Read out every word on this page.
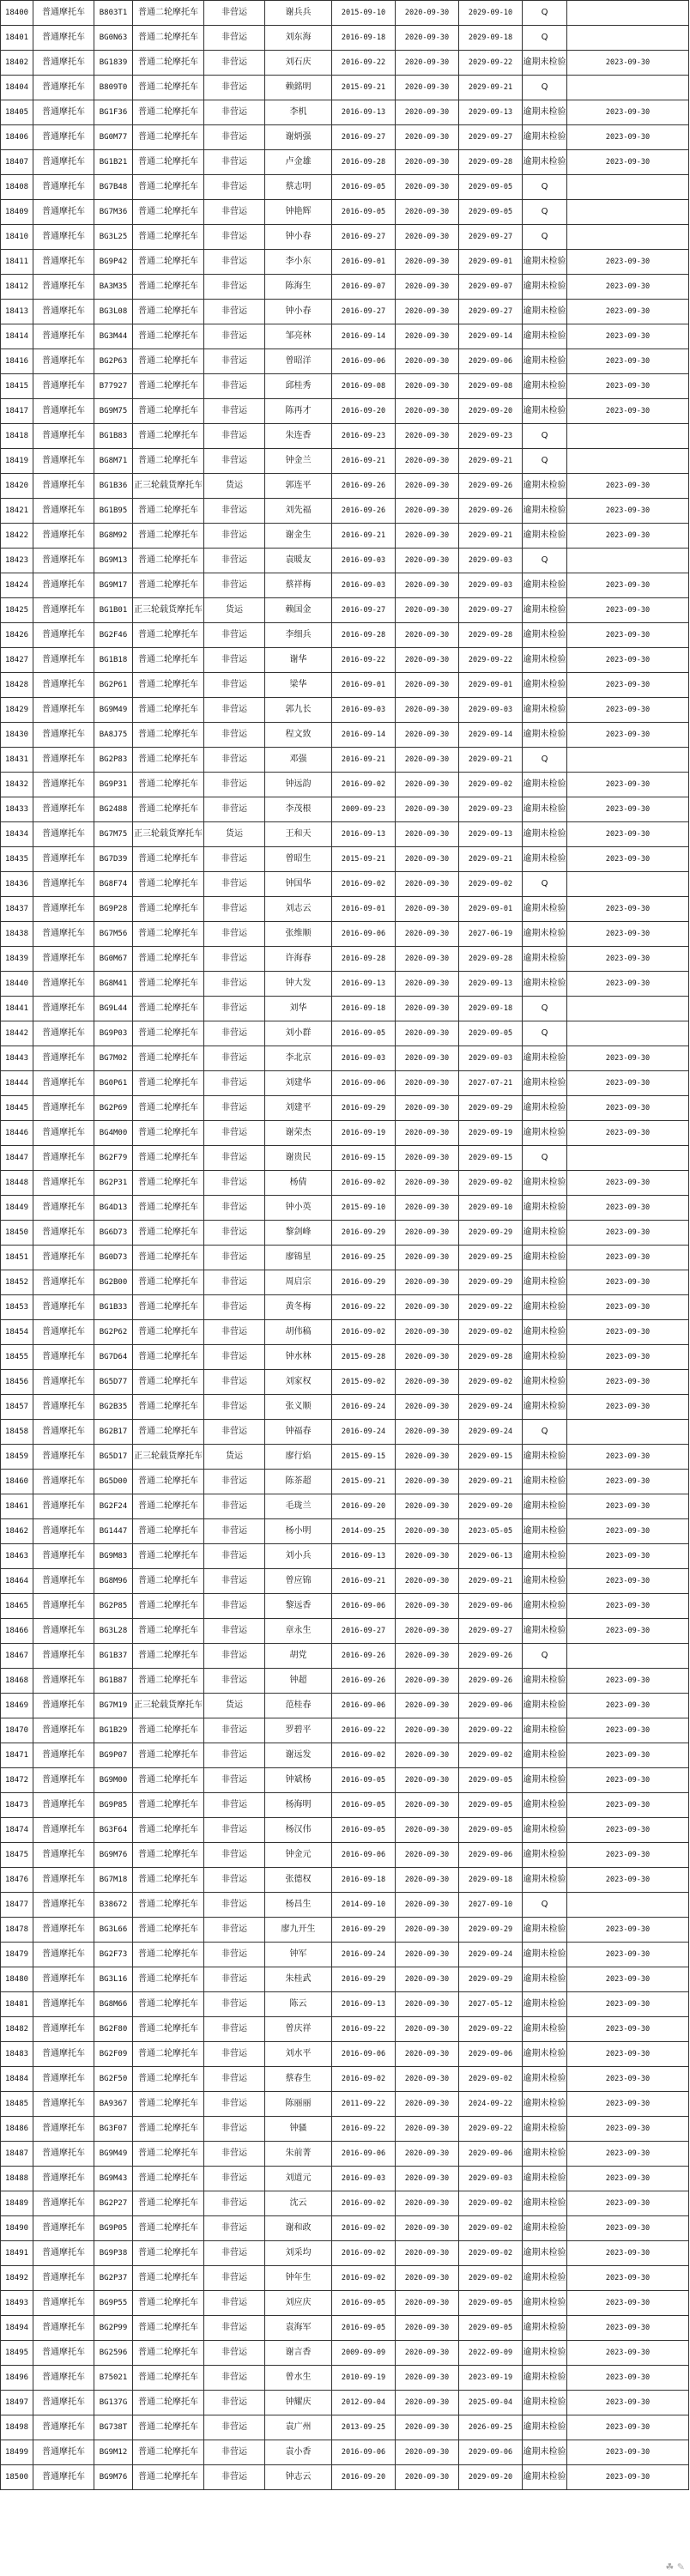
18400	普通摩托车	B803T1	普通二轮摩托车	非营运	谢兵兵	2015-09-10	2020-09-30	2029-09-10	Q	
18401	普通摩托车	BG0N63	普通二轮摩托车	非营运	刘东海	2016-09-18	2020-09-30	2029-09-18	Q	
18402	普通摩托车	BG1839	普通二轮摩托车	非营运	刘石庆	2016-09-22	2020-09-30	2029-09-22	逾期未检验	2023-09-30
18404	普通摩托车	B809T0	普通二轮摩托车	非营运	赖銘明	2015-09-21	2020-09-30	2029-09-21	Q	
18405	普通摩托车	BG1F36	普通二轮摩托车	非营运	李机	2016-09-13	2020-09-30	2029-09-13	逾期未检验	2023-09-30
18406	普通摩托车	BG0M77	普通二轮摩托车	非营运	谢炳强	2016-09-27	2020-09-30	2029-09-27	逾期未检验	2023-09-30
18407	普通摩托车	BG1B21	普通二轮摩托车	非营运	卢金雄	2016-09-28	2020-09-30	2029-09-28	逾期未检验	2023-09-30
18408	普通摩托车	BG7B48	普通二轮摩托车	非营运	蔡志明	2016-09-05	2020-09-30	2029-09-05	Q	
18409	普通摩托车	BG7M36	普通二轮摩托车	非营运	钟艳辉	2016-09-05	2020-09-30	2029-09-05	Q	
18410	普通摩托车	BG3L25	普通二轮摩托车	非营运	钟小春	2016-09-27	2020-09-30	2029-09-27	Q	
18411	普通摩托车	BG9P42	普通二轮摩托车	非营运	李小东	2016-09-01	2020-09-30	2029-09-01	逾期未检验	2023-09-30
18412	普通摩托车	BA3M35	普通二轮摩托车	非营运	陈海生	2016-09-07	2020-09-30	2029-09-07	逾期未检验	2023-09-30
18413	普通摩托车	BG3L08	普通二轮摩托车	非营运	钟小春	2016-09-27	2020-09-30	2029-09-27	逾期未检验	2023-09-30
18414	普通摩托车	BG3M44	普通二轮摩托车	非营运	邹亮林	2016-09-14	2020-09-30	2029-09-14	逾期未检验	2023-09-30
18416	普通摩托车	BG2P63	普通二轮摩托车	非营运	曾昭洋	2016-09-06	2020-09-30	2029-09-06	逾期未检验	2023-09-30
18415	普通摩托车	B77927	普通二轮摩托车	非营运	邱桂秀	2016-09-08	2020-09-30	2029-09-08	逾期未检验	2023-09-30
18417	普通摩托车	BG9M75	普通二轮摩托车	非营运	陈再才	2016-09-20	2020-09-30	2029-09-20	逾期未检验	2023-09-30
18418	普通摩托车	BG1B83	普通二轮摩托车	非营运	朱连香	2016-09-23	2020-09-30	2029-09-23	Q	
18419	普通摩托车	BG8M71	普通二轮摩托车	非营运	钟金兰	2016-09-21	2020-09-30	2029-09-21	Q	
18420	普通摩托车	BG1B36	正三轮载货摩托车	货运	郭连平	2016-09-26	2020-09-30	2029-09-26	逾期未检验	2023-09-30
18421	普通摩托车	BG1B95	普通二轮摩托车	非营运	刘先福	2016-09-26	2020-09-30	2029-09-26	逾期未检验	2023-09-30
18422	普通摩托车	BG8M92	普通二轮摩托车	非营运	谢金生	2016-09-21	2020-09-30	2029-09-21	逾期未检验	2023-09-30
18423	普通摩托车	BG9M13	普通二轮摩托车	非营运	袁暖友	2016-09-03	2020-09-30	2029-09-03	Q	
18424	普通摩托车	BG9M17	普通二轮摩托车	非营运	蔡祥梅	2016-09-03	2020-09-30	2029-09-03	逾期未检验	2023-09-30
18425	普通摩托车	BG1B01	正三轮载货摩托车	货运	赖国金	2016-09-27	2020-09-30	2029-09-27	逾期未检验	2023-09-30
18426	普通摩托车	BG2F46	普通二轮摩托车	非营运	李细兵	2016-09-28	2020-09-30	2029-09-28	逾期未检验	2023-09-30
18427	普通摩托车	BG1B18	普通二轮摩托车	非营运	谢华	2016-09-22	2020-09-30	2029-09-22	逾期未检验	2023-09-30
18428	普通摩托车	BG2P61	普通二轮摩托车	非营运	梁华	2016-09-01	2020-09-30	2029-09-01	逾期未检验	2023-09-30
18429	普通摩托车	BG9M49	普通二轮摩托车	非营运	郭九长	2016-09-03	2020-09-30	2029-09-03	逾期未检验	2023-09-30
18430	普通摩托车	BA8J75	普通二轮摩托车	非营运	程文致	2016-09-14	2020-09-30	2029-09-14	逾期未检验	2023-09-30
18431	普通摩托车	BG2P83	普通二轮摩托车	非营运	邓强	2016-09-21	2020-09-30	2029-09-21	Q	
18432	普通摩托车	BG9P31	普通二轮摩托车	非营运	钟远韵	2016-09-02	2020-09-30	2029-09-02	逾期未检验	2023-09-30
18433	普通摩托车	BG2488	普通二轮摩托车	非营运	李茂根	2009-09-23	2020-09-30	2029-09-23	逾期未检验	2023-09-30
18434	普通摩托车	BG7M75	正三轮载货摩托车	货运	王和天	2016-09-13	2020-09-30	2029-09-13	逾期未检验	2023-09-30
18435	普通摩托车	BG7D39	普通二轮摩托车	非营运	曾昭生	2015-09-21	2020-09-30	2029-09-21	逾期未检验	2023-09-30
18436	普通摩托车	BG8F74	普通二轮摩托车	非营运	钟国华	2016-09-02	2020-09-30	2029-09-02	Q	
18437	普通摩托车	BG9P28	普通二轮摩托车	非营运	刘志云	2016-09-01	2020-09-30	2029-09-01	逾期未检验	2023-09-30
18438	普通摩托车	BG7M56	普通二轮摩托车	非营运	张维顺	2016-09-06	2020-09-30	2027-06-19	逾期未检验	2023-09-30
18439	普通摩托车	BG0M67	普通二轮摩托车	非营运	许海春	2016-09-28	2020-09-30	2029-09-28	逾期未检验	2023-09-30
18440	普通摩托车	BG8M41	普通二轮摩托车	非营运	钟大发	2016-09-13	2020-09-30	2029-09-13	逾期未检验	2023-09-30
18441	普通摩托车	BG9L44	普通二轮摩托车	非营运	刘华	2016-09-18	2020-09-30	2029-09-18	Q	
18442	普通摩托车	BG9P03	普通二轮摩托车	非营运	刘小群	2016-09-05	2020-09-30	2029-09-05	Q	
18443	普通摩托车	BG7M02	普通二轮摩托车	非营运	李北京	2016-09-03	2020-09-30	2029-09-03	逾期未检验	2023-09-30
18444	普通摩托车	BG0P61	普通二轮摩托车	非营运	刘建华	2016-09-06	2020-09-30	2027-07-21	逾期未检验	2023-09-30
18445	普通摩托车	BG2P69	普通二轮摩托车	非营运	刘建平	2016-09-29	2020-09-30	2029-09-29	逾期未检验	2023-09-30
18446	普通摩托车	BG4M00	普通二轮摩托车	非营运	谢荣杰	2016-09-19	2020-09-30	2029-09-19	逾期未检验	2023-09-30
18447	普通摩托车	BG2F79	普通二轮摩托车	非营运	谢贵民	2016-09-15	2020-09-30	2029-09-15	Q	
18448	普通摩托车	BG2P31	普通二轮摩托车	非营运	杨倩	2016-09-02	2020-09-30	2029-09-02	逾期未检验	2023-09-30
18449	普通摩托车	BG4D13	普通二轮摩托车	非营运	钟小英	2015-09-10	2020-09-30	2029-09-10	逾期未检验	2023-09-30
18450	普通摩托车	BG6D73	普通二轮摩托车	非营运	黎剑峰	2016-09-29	2020-09-30	2029-09-29	逾期未检验	2023-09-30
18451	普通摩托车	BG0D73	普通二轮摩托车	非营运	廖锦星	2016-09-25	2020-09-30	2029-09-25	逾期未检验	2023-09-30
18452	普通摩托车	BG2B00	普通二轮摩托车	非营运	周启宗	2016-09-29	2020-09-30	2029-09-29	逾期未检验	2023-09-30
18453	普通摩托车	BG1B33	普通二轮摩托车	非营运	黄冬梅	2016-09-22	2020-09-30	2029-09-22	逾期未检验	2023-09-30
18454	普通摩托车	BG2P62	普通二轮摩托车	非营运	胡伟稿	2016-09-02	2020-09-30	2029-09-02	逾期未检验	2023-09-30
18455	普通摩托车	BG7D64	普通二轮摩托车	非营运	钟水林	2015-09-28	2020-09-30	2029-09-28	逾期未检验	2023-09-30
18456	普通摩托车	BG5D77	普通二轮摩托车	非营运	刘家权	2015-09-02	2020-09-30	2029-09-02	逾期未检验	2023-09-30
18457	普通摩托车	BG2B35	普通二轮摩托车	非营运	张义顺	2016-09-24	2020-09-30	2029-09-24	逾期未检验	2023-09-30
18458	普通摩托车	BG2B17	普通二轮摩托车	非营运	钟福春	2016-09-24	2020-09-30	2029-09-24	Q	
18459	普通摩托车	BG5D17	正三轮载货摩托车	货运	廖行焰	2015-09-15	2020-09-30	2029-09-15	逾期未检验	2023-09-30
18460	普通摩托车	BG5D00	普通二轮摩托车	非营运	陈茶超	2015-09-21	2020-09-30	2029-09-21	逾期未检验	2023-09-30
18461	普通摩托车	BG2F24	普通二轮摩托车	非营运	毛珑兰	2016-09-20	2020-09-30	2029-09-20	逾期未检验	2023-09-30
18462	普通摩托车	BG1447	普通二轮摩托车	非营运	杨小明	2014-09-25	2020-09-30	2023-05-05	逾期未检验	2023-09-30
18463	普通摩托车	BG9M83	普通二轮摩托车	非营运	刘小兵	2016-09-13	2020-09-30	2029-06-13	逾期未检验	2023-09-30
18464	普通摩托车	BG8M96	普通二轮摩托车	非营运	曾应锦	2016-09-21	2020-09-30	2029-09-21	逾期未检验	2023-09-30
18465	普通摩托车	BG2P85	普通二轮摩托车	非营运	黎远香	2016-09-06	2020-09-30	2029-09-06	逾期未检验	2023-09-30
18466	普通摩托车	BG3L28	普通二轮摩托车	非营运	章永生	2016-09-27	2020-09-30	2029-09-27	逾期未检验	2023-09-30
18467	普通摩托车	BG1B37	普通二轮摩托车	非营运	胡党	2016-09-26	2020-09-30	2029-09-26	Q	
18468	普通摩托车	BG1B87	普通二轮摩托车	非营运	钟超	2016-09-26	2020-09-30	2029-09-26	逾期未检验	2023-09-30
18469	普通摩托车	BG7M19	正三轮载货摩托车	货运	范桂春	2016-09-06	2020-09-30	2029-09-06	逾期未检验	2023-09-30
18470	普通摩托车	BG1B29	普通二轮摩托车	非营运	罗碧平	2016-09-22	2020-09-30	2029-09-22	逾期未检验	2023-09-30
18471	普通摩托车	BG9P07	普通二轮摩托车	非营运	谢远发	2016-09-02	2020-09-30	2029-09-02	逾期未检验	2023-09-30
18472	普通摩托车	BG9M00	普通二轮摩托车	非营运	钟斌杨	2016-09-05	2020-09-30	2029-09-05	逾期未检验	2023-09-30
18473	普通摩托车	BG9P85	普通二轮摩托车	非营运	杨海明	2016-09-05	2020-09-30	2029-09-05	逾期未检验	2023-09-30
18474	普通摩托车	BG3F64	普通二轮摩托车	非营运	杨汉伟	2016-09-05	2020-09-30	2029-09-05	逾期未检验	2023-09-30
18475	普通摩托车	BG9M76	普通二轮摩托车	非营运	钟金元	2016-09-06	2020-09-30	2029-09-06	逾期未检验	2023-09-30
18476	普通摩托车	BG7M18	普通二轮摩托车	非营运	张德权	2016-09-18	2020-09-30	2029-09-18	逾期未检验	2023-09-30
18477	普通摩托车	B38672	普通二轮摩托车	非营运	杨昌生	2014-09-10	2020-09-30	2027-09-10	Q	
18478	普通摩托车	BG3L66	普通二轮摩托车	非营运	廖九开生	2016-09-29	2020-09-30	2029-09-29	逾期未检验	2023-09-30
18479	普通摩托车	BG2F73	普通二轮摩托车	非营运	钟军	2016-09-24	2020-09-30	2029-09-24	逾期未检验	2023-09-30
18480	普通摩托车	BG3L16	普通二轮摩托车	非营运	朱桂武	2016-09-29	2020-09-30	2029-09-29	逾期未检验	2023-09-30
18481	普通摩托车	BG8M66	普通二轮摩托车	非营运	陈云	2016-09-13	2020-09-30	2027-05-12	逾期未检验	2023-09-30
18482	普通摩托车	BG2F80	普通二轮摩托车	非营运	曾庆祥	2016-09-22	2020-09-30	2029-09-22	逾期未检验	2023-09-30
18483	普通摩托车	BG2F09	普通二轮摩托车	非营运	刘水平	2016-09-06	2020-09-30	2029-09-06	逾期未检验	2023-09-30
18484	普通摩托车	BG2F50	普通二轮摩托车	非营运	蔡春生	2016-09-02	2020-09-30	2029-09-02	逾期未检验	2023-09-30
18485	普通摩托车	BA9367	普通二轮摩托车	非营运	陈丽丽	2011-09-22	2020-09-30	2024-09-22	逾期未检验	2023-09-30
18486	普通摩托车	BG3F07	普通二轮摩托车	非营运	钟骚	2016-09-22	2020-09-30	2029-09-22	逾期未检验	2023-09-30
18487	普通摩托车	BG9M49	普通二轮摩托车	非营运	朱前菁	2016-09-06	2020-09-30	2029-09-06	逾期未检验	2023-09-30
18488	普通摩托车	BG9M43	普通二轮摩托车	非营运	刘道元	2016-09-03	2020-09-30	2029-09-03	逾期未检验	2023-09-30
18489	普通摩托车	BG2P27	普通二轮摩托车	非营运	沈云	2016-09-02	2020-09-30	2029-09-02	逾期未检验	2023-09-30
18490	普通摩托车	BG9P05	普通二轮摩托车	非营运	谢和政	2016-09-02	2020-09-30	2029-09-02	逾期未检验	2023-09-30
18491	普通摩托车	BG9P38	普通二轮摩托车	非营运	刘采均	2016-09-02	2020-09-30	2029-09-02	逾期未检验	2023-09-30
18492	普通摩托车	BG2P37	普通二轮摩托车	非营运	钟年生	2016-09-02	2020-09-30	2029-09-02	逾期未检验	2023-09-30
18493	普通摩托车	BG9P55	普通二轮摩托车	非营运	刘应庆	2016-09-05	2020-09-30	2029-09-05	逾期未检验	2023-09-30
18494	普通摩托车	BG2P99	普通二轮摩托车	非营运	袁海军	2016-09-05	2020-09-30	2029-09-05	逾期未检验	2023-09-30
18495	普通摩托车	BG2596	普通二轮摩托车	非营运	谢言香	2009-09-09	2020-09-30	2022-09-09	逾期未检验	2023-09-30
18496	普通摩托车	B75021	普通二轮摩托车	非营运	曾水生	2010-09-19	2020-09-30	2023-09-19	逾期未检验	2023-09-30
18497	普通摩托车	BG137G	普通二轮摩托车	非营运	钟耀庆	2012-09-04	2020-09-30	2025-09-04	逾期未检验	2023-09-30
18498	普通摩托车	BG738T	普通二轮摩托车	非营运	袁广州	2013-09-25	2020-09-30	2026-09-25	逾期未检验	2023-09-30
18499	普通摩托车	BG9M12	普通二轮摩托车	非营运	袁小香	2016-09-06	2020-09-30	2029-09-06	逾期未检验	2023-09-30
18500	普通摩托车	BG9M76	普通二轮摩托车	非营运	钟志云	2016-09-20	2020-09-30	2029-09-20	逾期未检验	2023-09-30
☘ ✎
